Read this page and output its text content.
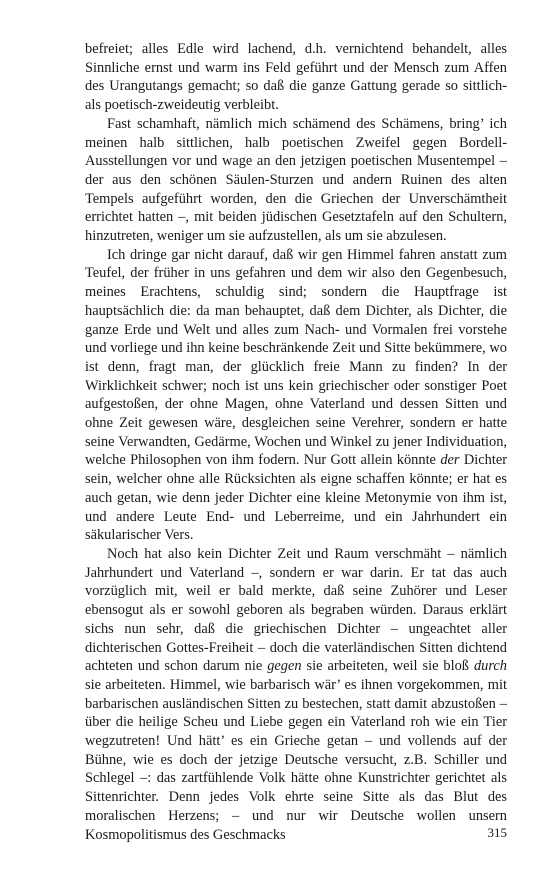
befreiet; alles Edle wird lachend, d.h. vernichtend behandelt, alles Sinnliche ernst und warm ins Feld geführt und der Mensch zum Affen des Urangutangs gemacht; so daß die ganze Gattung gerade so sittlich- als poetisch-zweideutig verbleibt.

Fast schamhaft, nämlich mich schämend des Schämens, bring’ ich meinen halb sittlichen, halb poetischen Zweifel gegen Bordell-Ausstellungen vor und wage an den jetzigen poetischen Musentempel – der aus den schönen Säulen-Sturzen und andern Ruinen des alten Tempels aufgeführt worden, den die Griechen der Unverschämtheit errichtet hatten –, mit beiden jüdischen Gesetztafeln auf den Schultern, hinzutreten, weniger um sie aufzustellen, als um sie abzulesen.

Ich dringe gar nicht darauf, daß wir gen Himmel fahren anstatt zum Teufel, der früher in uns gefahren und dem wir also den Gegenbesuch, meines Erachtens, schuldig sind; sondern die Hauptfrage ist hauptsächlich die: da man behauptet, daß dem Dichter, als Dichter, die ganze Erde und Welt und alles zum Nach- und Vormalen frei vorstehe und vorliege und ihn keine beschränkende Zeit und Sitte bekümmere, wo ist denn, fragt man, der glücklich freie Mann zu finden? In der Wirklichkeit schwer; noch ist uns kein griechischer oder sonstiger Poet aufgestoßen, der ohne Magen, ohne Vaterland und dessen Sitten und ohne Zeit gewesen wäre, desgleichen seine Verehrer, sondern er hatte seine Verwandten, Gedärme, Wochen und Winkel zu jener Individuation, welche Philosophen von ihm fodern. Nur Gott allein könnte der Dichter sein, welcher ohne alle Rücksichten als eigne schaffen könnte; er hat es auch getan, wie denn jeder Dichter eine kleine Metonymie von ihm ist, und andere Leute End- und Leberreime, und ein Jahrhundert ein säkularischer Vers.

Noch hat also kein Dichter Zeit und Raum verschmäht – nämlich Jahrhundert und Vaterland –, sondern er war darin. Er tat das auch vorzüglich mit, weil er bald merkte, daß seine Zuhörer und Leser ebensogut als er sowohl geboren als begraben würden. Daraus erklärt sichs nun sehr, daß die griechischen Dichter – ungeachtet aller dichterischen Gottes-Freiheit – doch die vaterländischen Sitten dichtend achteten und schon darum nie gegen sie arbeiteten, weil sie bloß durch sie arbeiteten. Himmel, wie barbarisch wär’ es ihnen vorgekommen, mit barbarischen ausländischen Sitten zu bestechen, statt damit abzustoßen – über die heilige Scheu und Liebe gegen ein Vaterland roh wie ein Tier wegzutreten! Und hätt’ es ein Grieche getan – und vollends auf der Bühne, wie es doch der jetzige Deutsche versucht, z.B. Schiller und Schlegel –: das zartfühlende Volk hätte ohne Kunstrichter gerichtet als Sittenrichter. Denn jedes Volk ehrte seine Sitte als das Blut des moralischen Herzens; – und nur wir Deutsche wollen unsern Kosmopolitismus des Geschmacks	315
